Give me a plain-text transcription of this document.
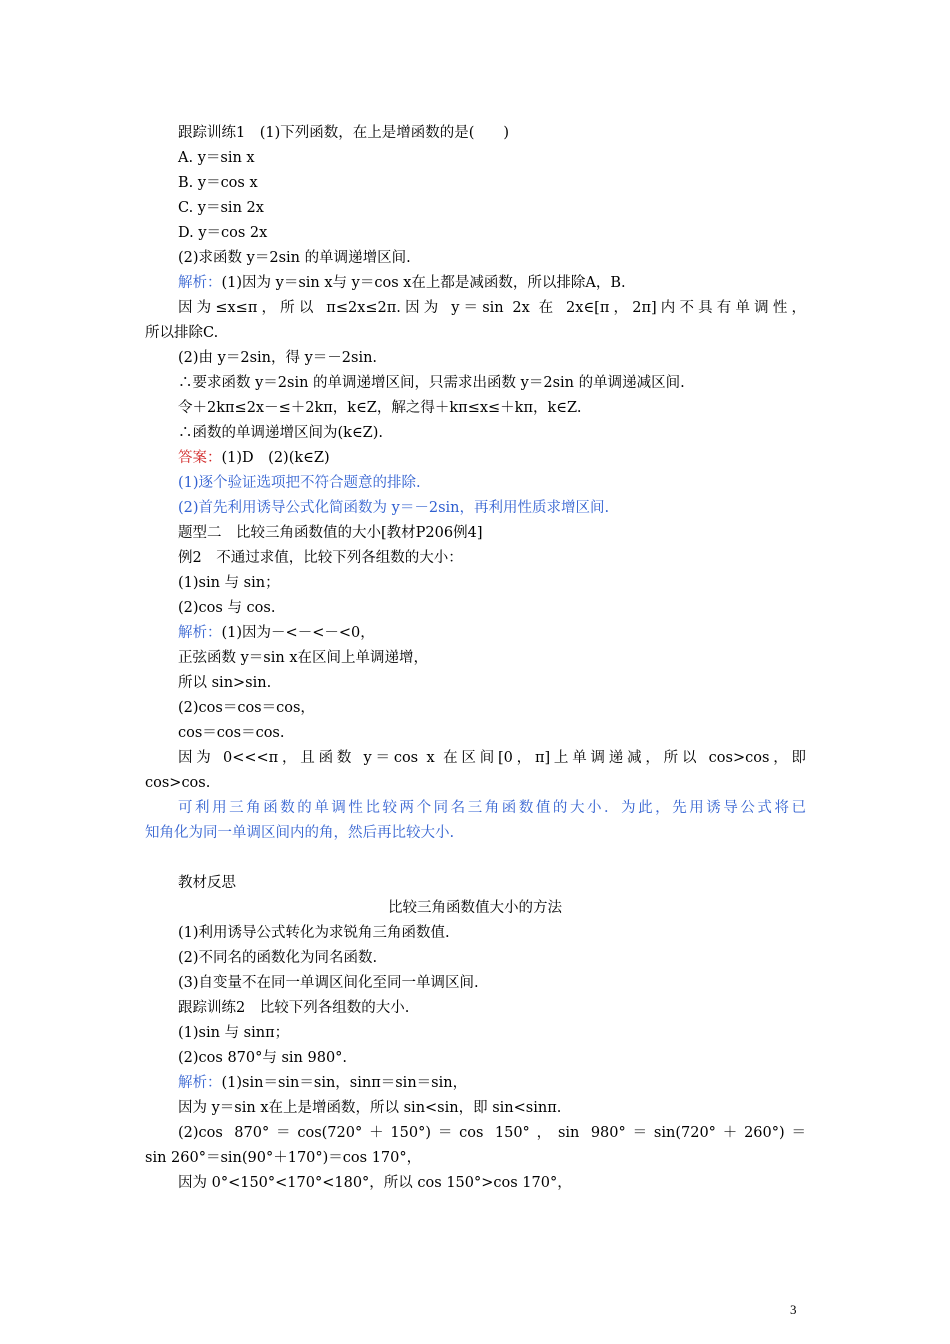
跟踪训练1　(1)下列函数，在上是增函数的是(　　)
A. y＝sin x
B. y＝cos x
C. y＝sin 2x
D. y＝cos 2x
(2)求函数 y＝2sin 的单调递增区间.
解析：(1)因为 y＝sin x与 y＝cos x在上都是减函数，所以排除A，B.
因为≤x≤π，所以 π≤2x≤2π.因为 y＝sin 2x 在 2x∈[π，2π]内不具有单调性，
所以排除C.
(2)由 y＝2sin，得 y＝－2sin.
∴要求函数 y＝2sin 的单调递增区间，只需求出函数 y＝2sin 的单调递减区间.
令＋2kπ≤2x－≤＋2kπ，k∈Z，解之得＋kπ≤x≤＋kπ，k∈Z.
∴函数的单调递增区间为(k∈Z).
答案：(1)D　(2)(k∈Z)
(1)逐个验证选项把不符合题意的排除.
(2)首先利用诱导公式化简函数为 y＝－2sin，再利用性质求增区间.
题型二　比较三角函数值的大小[教材P206例4]
例2　不通过求值，比较下列各组数的大小：
(1)sin 与 sin；
(2)cos 与 cos.
解析：(1)因为－<－<－<0，
正弦函数 y＝sin x在区间上单调递增，
所以 sin>sin.
(2)cos＝cos＝cos，
cos＝cos＝cos.
因为 0<<<π，且函数 y＝cos x 在区间[0，π]上单调递减，所以 cos>cos，即
cos>cos.
可利用三角函数的单调性比较两个同名三角函数值的大小．为此，先用诱导公式将已
知角化为同一单调区间内的角，然后再比较大小.
教材反思
比较三角函数值大小的方法
(1)利用诱导公式转化为求锐角三角函数值.
(2)不同名的函数化为同名函数.
(3)自变量不在同一单调区间化至同一单调区间.
跟踪训练2　比较下列各组数的大小.
(1)sin 与 sinπ；
(2)cos 870°与 sin 980°.
解析：(1)sin＝sin＝sin，sinπ＝sin＝sin，
因为 y＝sin x在上是增函数，所以 sin<sin，即 sin<sinπ.
(2)cos 870°＝cos(720°＋150°)＝cos 150°，sin 980°＝sin(720°＋260°)＝
sin 260°＝sin(90°＋170°)＝cos 170°，
因为 0°<150°<170°<180°，所以 cos 150°>cos 170°，
3
